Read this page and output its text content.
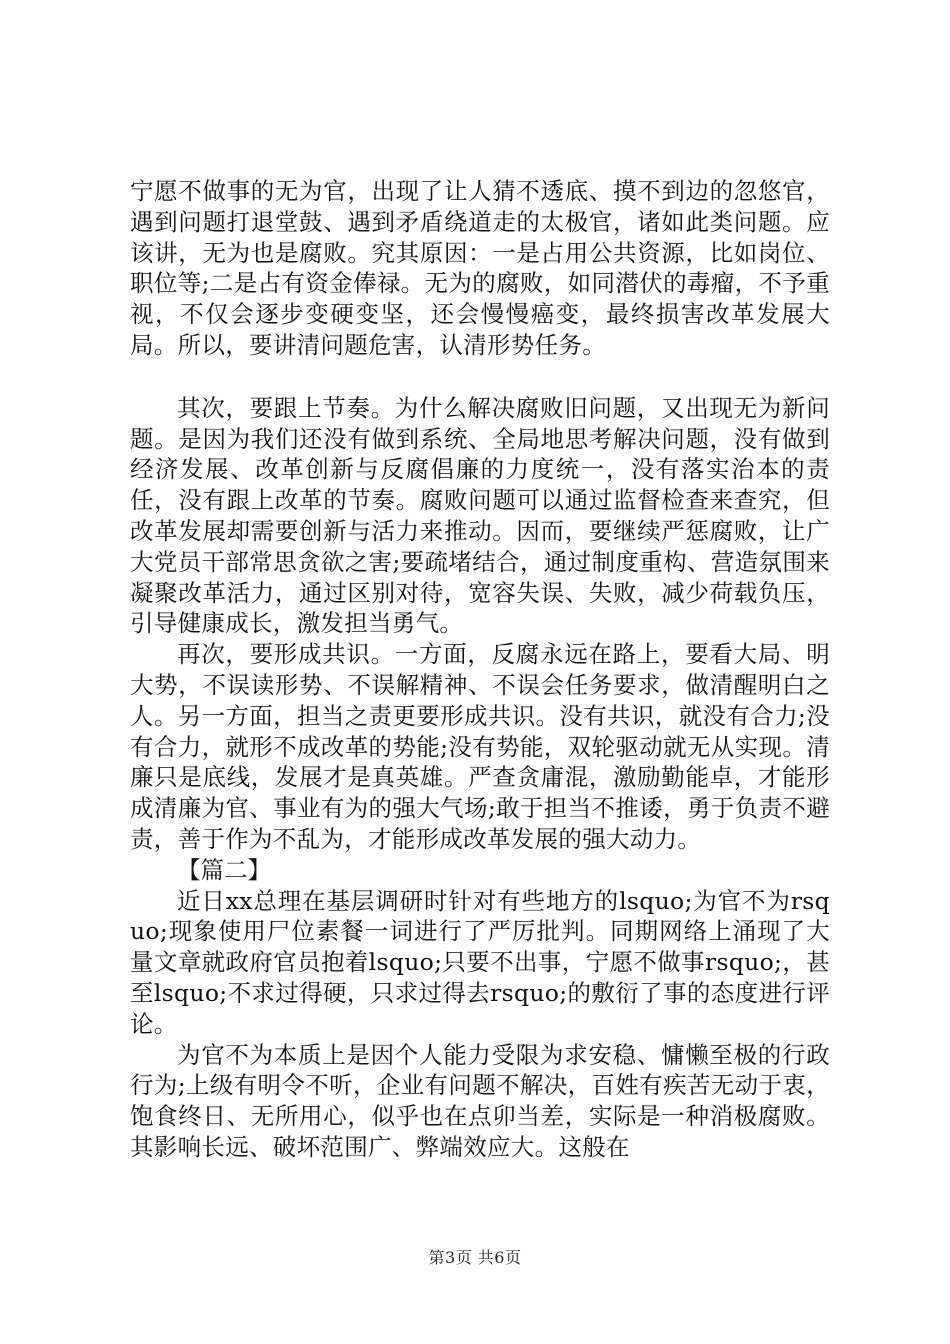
宁愿不做事的无为官，出现了让人猜不透底、摸不到边的忽悠官，遇到问题打退堂鼓、遇到矛盾绕道走的太极官，诸如此类问题。应该讲，无为也是腐败。究其原因：一是占用公共资源，比如岗位、职位等;二是占有资金俸禄。无为的腐败，如同潜伏的毒瘤，不予重视，不仅会逐步变硬变坚，还会慢慢癌变，最终损害改革发展大局。所以，要讲清问题危害，认清形势任务。

其次，要跟上节奏。为什么解决腐败旧问题，又出现无为新问题。是因为我们还没有做到系统、全局地思考解决问题，没有做到经济发展、改革创新与反腐倡廉的力度统一，没有落实治本的责任，没有跟上改革的节奏。腐败问题可以通过监督检查来查究，但改革发展却需要创新与活力来推动。因而，要继续严惩腐败，让广大党员干部常思贪欲之害;要疏堵结合，通过制度重构、营造氛围来凝聚改革活力，通过区别对待，宽容失误、失败，减少荷载负压，引导健康成长，激发担当勇气。

再次，要形成共识。一方面，反腐永远在路上，要看大局、明大势，不误读形势、不误解精神、不误会任务要求，做清醒明白之人。另一方面，担当之责更要形成共识。没有共识，就没有合力;没有合力，就形不成改革的势能;没有势能，双轮驱动就无从实现。清廉只是底线，发展才是真英雄。严查贪庸混，激励勤能卓，才能形成清廉为官、事业有为的强大气场;敢于担当不推诿，勇于负责不避责，善于作为不乱为，才能形成改革发展的强大动力。

【篇二】

近日xx总理在基层调研时针对有些地方的lsquo;为官不为rsquo;现象使用尸位素餐一词进行了严厉批判。同期网络上涌现了大量文章就政府官员抱着lsquo;只要不出事，宁愿不做事rsquo;，甚至lsquo;不求过得硬，只求过得去rsquo;的敷衍了事的态度进行评论。

为官不为本质上是因个人能力受限为求安稳、慵懒至极的行政行为;上级有明令不听，企业有问题不解决，百姓有疾苦无动于衷，饱食终日、无所用心，似乎也在点卯当差，实际是一种消极腐败。其影响长远、破坏范围广、弊端效应大。这般在

第3页 共6页
